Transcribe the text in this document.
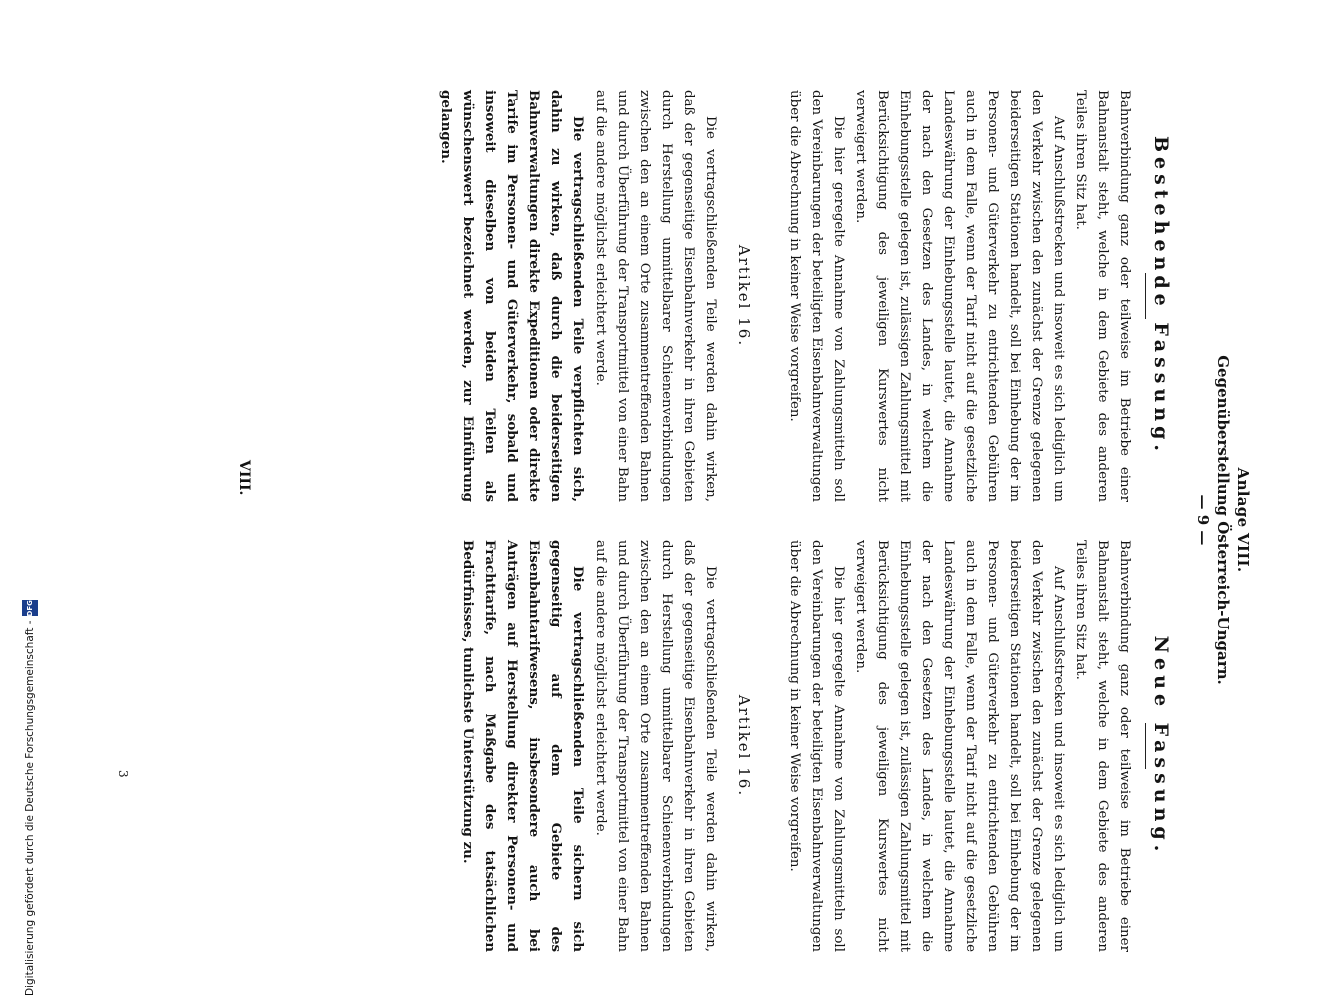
Anlage VIII.
Gegenüberstellung Österreich-Ungarn.
— 9 —
Bestehende Fassung.

Bahnverbindung ganz oder teilweise im Betriebe einer Bahnanstalt steht, welche in dem Gebiete des anderen Teiles ihren Sitz hat.

Auf Anschlußstrecken und insoweit es sich lediglich um den Verkehr zwischen den zunächst der Grenze gelegenen beiderseitigen Stationen handelt, soll bei Einhebung der im Personen- und Güterverkehr zu entrichtenden Gebühren auch in dem Falle, wenn der Tarif nicht auf die gesetzliche Landeswährung der Einhebungsstelle lautet, die Annahme der nach den Gesetzen des Landes, in welchem die Einhebungsstelle gelegen ist, zulässigen Zahlungsmittel mit Berücksichtigung des jeweiligen Kurswertes nicht verweigert werden.

Die hier geregelte Annahme von Zahlungsmitteln soll den Vereinbarungen der beteiligten Eisenbahnverwaltungen über die Abrechnung in keiner Weise vorgreifen.

Artikel 16.

Die vertragschließenden Teile werden dahin wirken, daß der gegenseitige Eisenbahnverkehr in ihren Gebieten durch Herstellung unmittelbarer Schienenverbindungen zwischen den an einem Orte zusammentreffenden Bahnen und durch Überführung der Transportmittel von einer Bahn auf die andere möglichst erleichtert werde.

Die vertragschließenden Teile verpflichten sich, dahin zu wirken, daß durch die beiderseitigen Bahnverwaltungen direkte Expeditionen oder direkte Tarife im Personen- und Güterverkehr, sobald und insoweit dieselben von beiden Teilen als wünschenswert bezeichnet werden, zur Einführung gelangen.

Neue Fassung.

Bahnverbindung ganz oder teilweise im Betriebe einer Bahnanstalt steht, welche in dem Gebiete des anderen Teiles ihren Sitz hat.

Auf Anschlußstrecken und insoweit es sich lediglich um den Verkehr zwischen den zunächst der Grenze gelegenen beiderseitigen Stationen handelt, soll bei Einhebung der im Personen- und Güterverkehr zu entrichtenden Gebühren auch in dem Falle, wenn der Tarif nicht auf die gesetzliche Landeswährung der Einhebungsstelle lautet, die Annahme der nach den Gesetzen des Landes, in welchem die Einhebungsstelle gelegen ist, zulässigen Zahlungsmittel mit Berücksichtigung des jeweiligen Kurswertes nicht verweigert werden.

Die hier geregelte Annahme von Zahlungsmitteln soll den Vereinbarungen der beteiligten Eisenbahnverwaltungen über die Abrechnung in keiner Weise vorgreifen.

Artikel 16.

Die vertragschließenden Teile werden dahin wirken, daß der gegenseitige Eisenbahnverkehr in ihren Gebieten durch Herstellung unmittelbarer Schienenverbindungen zwischen den an einem Orte zusammentreffenden Bahnen und durch Überführung der Transportmittel von einer Bahn auf die andere möglichst erleichtert werde.

Die vertragschließenden Teile sichern sich gegenseitig auf dem Gebiete des Eisenbahntarifwesens, insbesondere auch bei Anträgen auf Herstellung direkter Personen- und Frachttarife, nach Maßgabe des tatsächlichen Bedürfnisses, tunlichste Unterstützung zu.

VIII.
3
Digitalisierung gefördert durch die Deutsche Forschungsgemeinschaft -DFG
